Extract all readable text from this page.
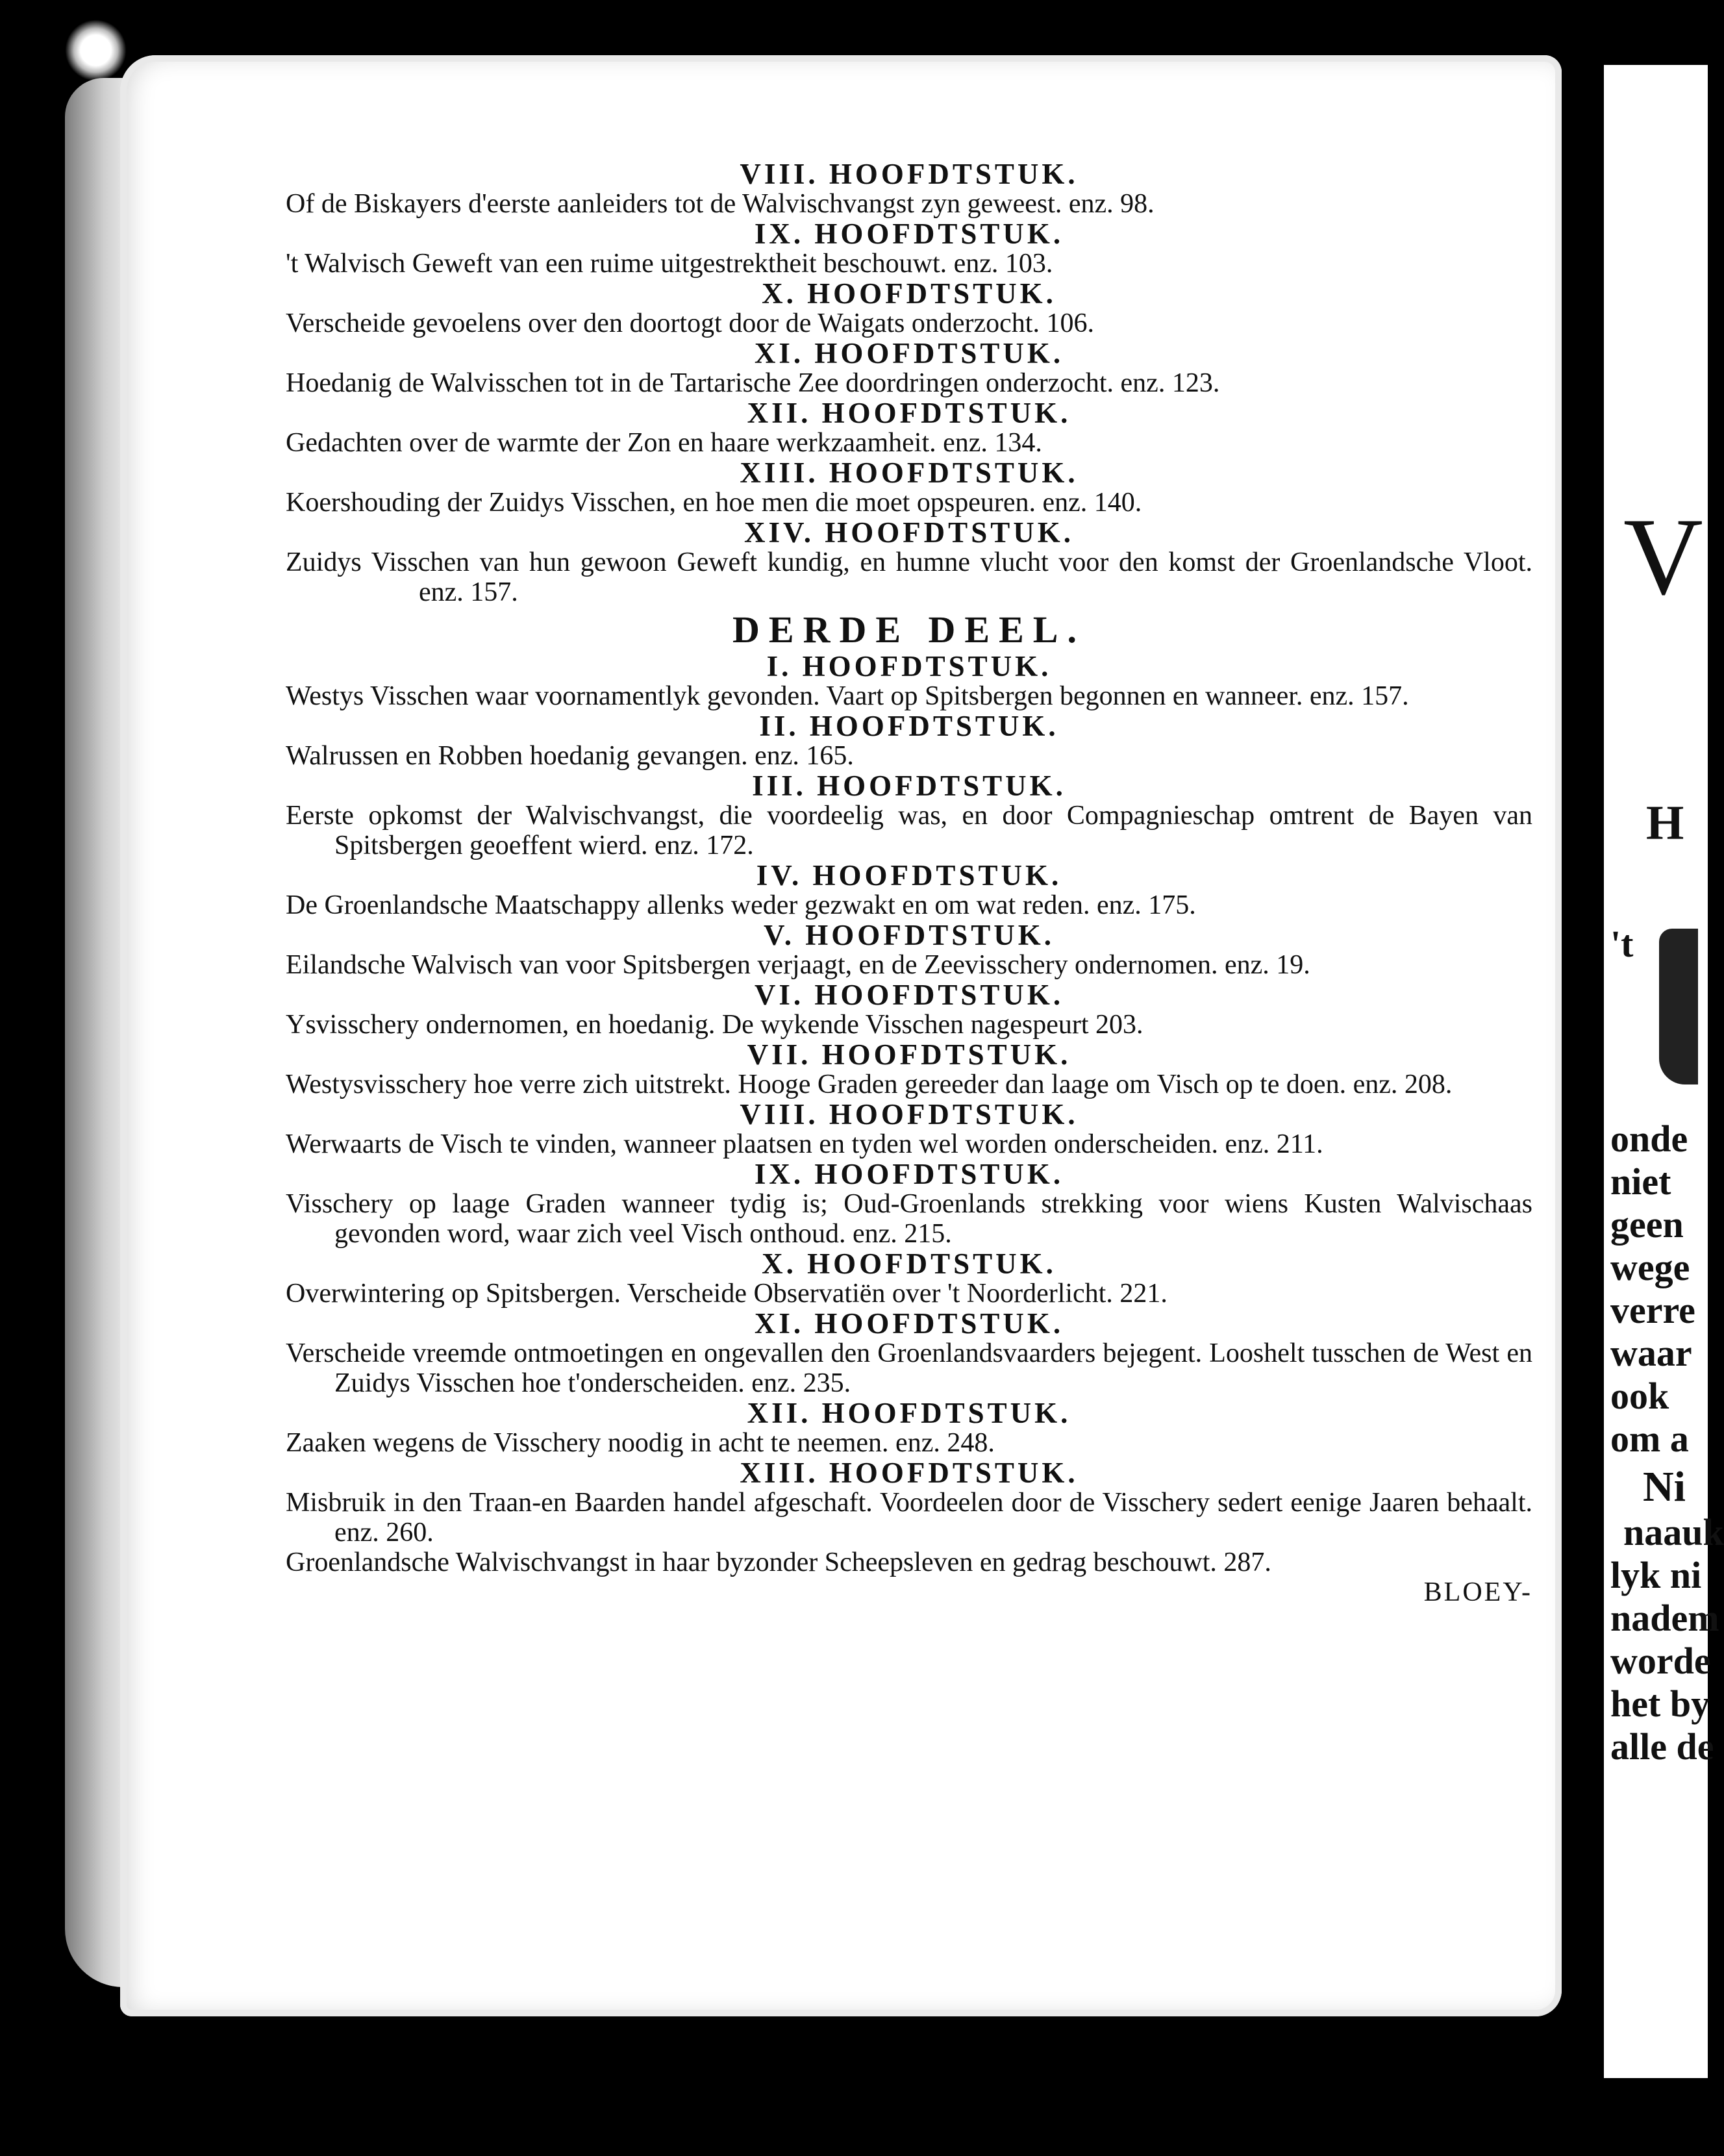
VIII. HOOFDTSTUK.

Of de Biskayers d'eerste aanleiders tot de Walvischvangst zyn geweest. enz. 98.

IX. HOOFDTSTUK.

't Walvisch Geweft van een ruime uitgestrektheit beschouwt. enz. 103.

X. HOOFDTSTUK.

Verscheide gevoelens over den doortogt door de Waigats onderzocht. 106.

XI. HOOFDTSTUK.

Hoedanig de Walvisschen tot in de Tartarische Zee doordringen onderzocht. enz. 123.

XII. HOOFDTSTUK.

Gedachten over de warmte der Zon en haare werkzaamheit. enz. 134.

XIII. HOOFDTSTUK.

Koershouding der Zuidys Visschen, en hoe men die moet opspeuren. enz. 140.

XIV. HOOFDTSTUK.

Zuidys Visschen van hun gewoon Geweft kundig, en humne vlucht voor den komst der Groenlandsche Vloot. enz. 157.

DERDE DEEL.

I. HOOFDTSTUK.

Westys Visschen waar voornamentlyk gevonden. Vaart op Spitsbergen begonnen en wanneer. enz. 157.

II. HOOFDTSTUK.

Walrussen en Robben hoedanig gevangen. enz. 165.

III. HOOFDTSTUK.

Eerste opkomst der Walvischvangst, die voordeelig was, en door Compagnieschap omtrent de Bayen van Spitsbergen geoeffent wierd. enz. 172.

IV. HOOFDTSTUK.

De Groenlandsche Maatschappy allenks weder gezwakt en om wat reden. enz. 175.

V. HOOFDTSTUK.

Eilandsche Walvisch van voor Spitsbergen verjaagt, en de Zeevisschery ondernomen. enz. 19.

VI. HOOFDTSTUK.

Ysvisschery ondernomen, en hoedanig. De wykende Visschen nagespeurt 203.

VII. HOOFDTSTUK.

Westysvisschery hoe verre zich uitstrekt. Hooge Graden gereeder dan laage om Visch op te doen. enz. 208.

VIII. HOOFDTSTUK.

Werwaarts de Visch te vinden, wanneer plaatsen en tyden wel worden onderscheiden. enz. 211.

IX. HOOFDTSTUK.

Visschery op laage Graden wanneer tydig is; Oud-Groenlands strekking voor wiens Kusten Walvischaas gevonden word, waar zich veel Visch onthoud. enz. 215.

X. HOOFDTSTUK.

Overwintering op Spitsbergen. Verscheide Observatiën over 't Noorderlicht. 221.

XI. HOOFDTSTUK.

Verscheide vreemde ontmoetingen en ongevallen den Groenlandsvaarders bejegent. Looshelt tusschen de West en Zuidys Visschen hoe t'onderscheiden. enz. 235.

XII. HOOFDTSTUK.

Zaaken wegens de Visschery noodig in acht te neemen. enz. 248.

XIII. HOOFDTSTUK.

Misbruik in den Traan-en Baarden handel afgeschaft. Voordeelen door de Visschery sedert eenige Jaaren behaalt. enz. 260.

Groenlandsche Walvischvangst in haar byzonder Scheepsleven en gedrag beschouwt. 287.

BLOEY-

V
H
't
onde
niet
geen
wege
verre
waar
ook
om a
Ni
naauk
lyk ni
nadem
worde
het by
alle de
